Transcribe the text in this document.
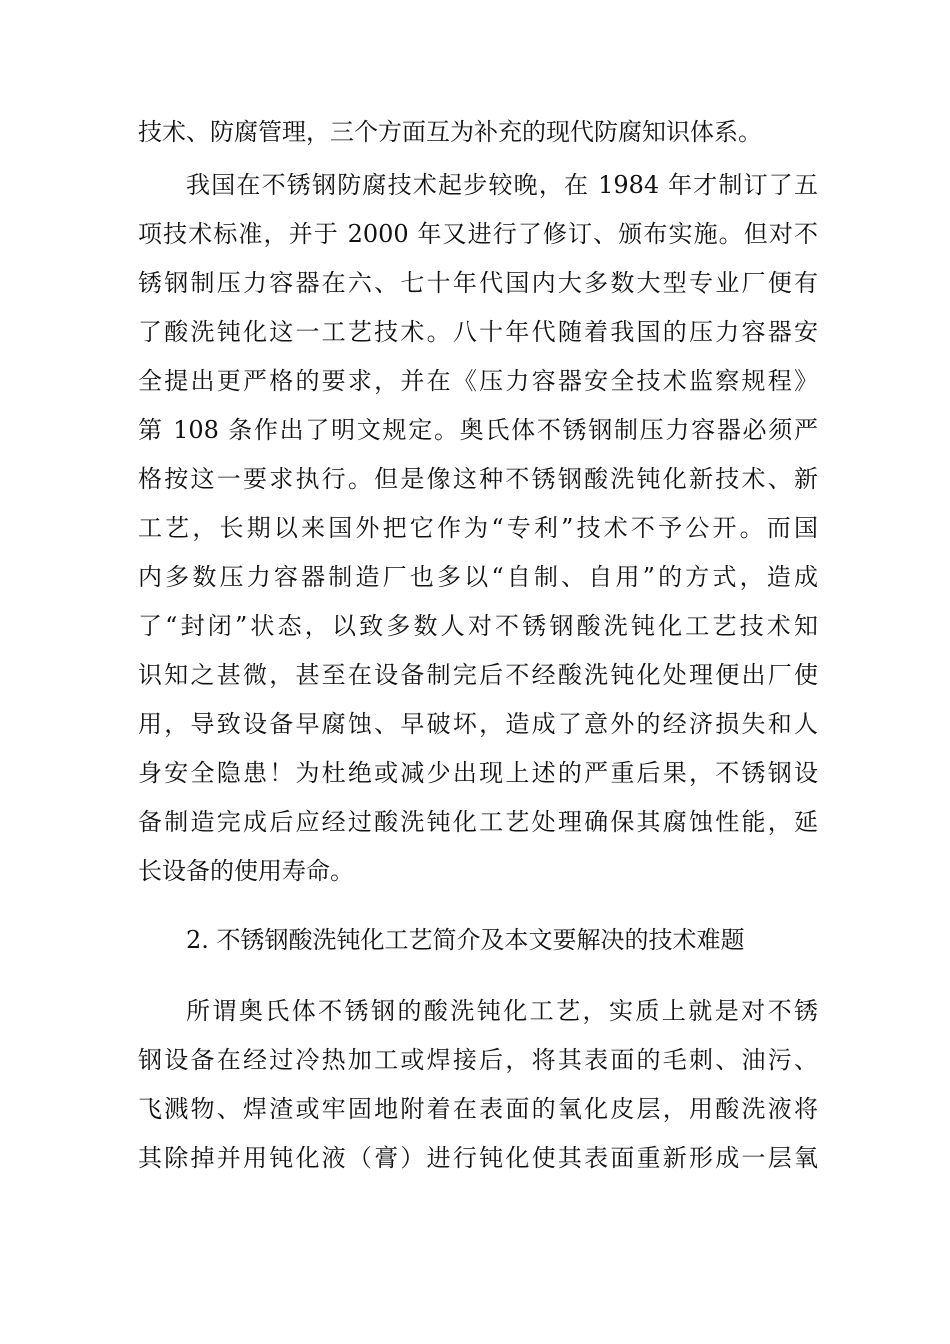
技术、防腐管理，三个方面互为补充的现代防腐知识体系。

我国在不锈钢防腐技术起步较晚，在 1984 年才制订了五

项技术标准，并于 2000 年又进行了修订、颁布实施。但对不

锈钢制压力容器在六、七十年代国内大多数大型专业厂便有

了酸洗钝化这一工艺技术。八十年代随着我国的压力容器安

全提出更严格的要求，并在《压力容器安全技术监察规程》

第 108 条作出了明文规定。奥氏体不锈钢制压力容器必须严

格按这一要求执行。但是像这种不锈钢酸洗钝化新技术、新

工艺，长期以来国外把它作为“专利”技术不予公开。而国

内多数压力容器制造厂也多以“自制、自用”的方式，造成

了“封闭”状态，以致多数人对不锈钢酸洗钝化工艺技术知

识知之甚微，甚至在设备制完后不经酸洗钝化处理便出厂使

用，导致设备早腐蚀、早破坏，造成了意外的经济损失和人

身安全隐患！为杜绝或减少出现上述的严重后果，不锈钢设

备制造完成后应经过酸洗钝化工艺处理确保其腐蚀性能，延

长设备的使用寿命。

2. 不锈钢酸洗钝化工艺简介及本文要解决的技术难题

所谓奥氏体不锈钢的酸洗钝化工艺，实质上就是对不锈

钢设备在经过冷热加工或焊接后，将其表面的毛刺、油污、

飞溅物、焊渣或牢固地附着在表面的氧化皮层，用酸洗液将

其除掉并用钝化液（膏）进行钝化使其表面重新形成一层氧
